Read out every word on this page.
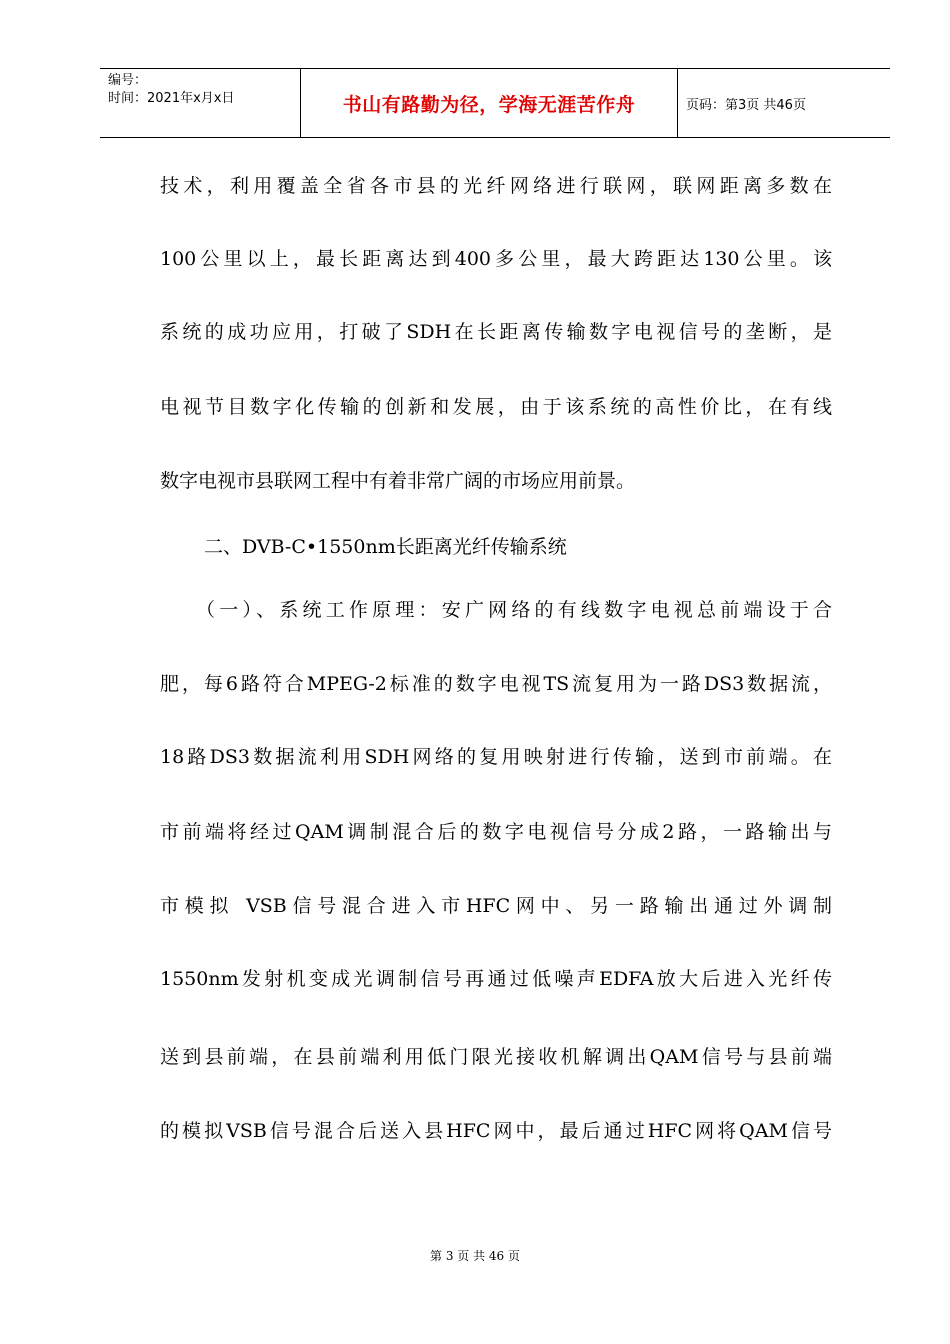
编号：
时间：2021年x月x日	书山有路勤为径，学海无涯苦作舟	页码：第3页 共46页
技术，利用覆盖全省各市县的光纤网络进行联网，联网距离多数在
100公里以上，最长距离达到400多公里，最大跨距达130公里。该
系统的成功应用，打破了SDH在长距离传输数字电视信号的垄断，是
电视节目数字化传输的创新和发展，由于该系统的高性价比，在有线
数字电视市县联网工程中有着非常广阔的市场应用前景。
二、DVB-C•1550nm长距离光纤传输系统
（一）、系统工作原理：安广网络的有线数字电视总前端设于合
肥，每6路符合MPEG-2标准的数字电视TS流复用为一路DS3数据流，
18路DS3数据流利用SDH网络的复用映射进行传输，送到市前端。在
市前端将经过QAM调制混合后的数字电视信号分成2路，一路输出与
市模拟 VSB信号混合进入市HFC网中、另一路输出通过外调制
1550nm发射机变成光调制信号再通过低噪声EDFA放大后进入光纤传
送到县前端，在县前端利用低门限光接收机解调出QAM信号与县前端
的模拟VSB信号混合后送入县HFC网中，最后通过HFC网将QAM信号
第 3 页 共 46 页
